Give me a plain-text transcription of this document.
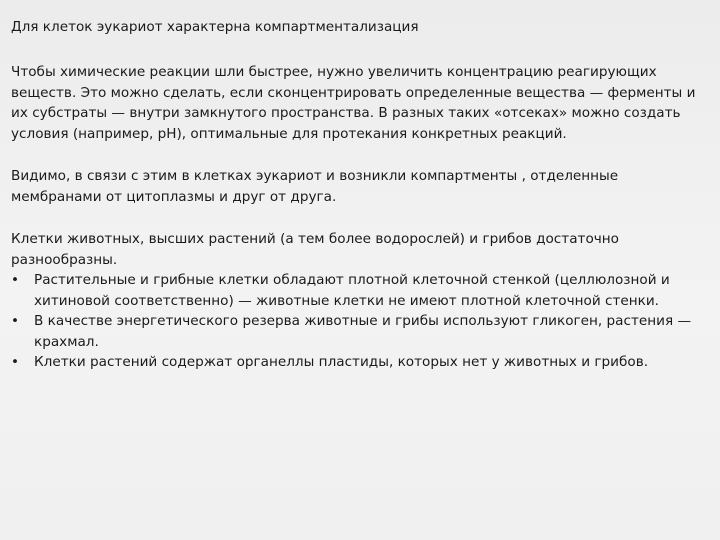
Для клеток эукариот характерна компартментализация

Чтобы химические реакции шли быстрее, нужно увеличить концентрацию реагирующих веществ. Это можно сделать, если сконцентрировать определенные вещества — ферменты и их субстраты — внутри замкнутого пространства. В разных таких «отсеках» можно создать условия (например, pH), оптимальные для протекания конкретных реакций.

Видимо, в связи с этим в клетках эукариот и возникли компартменты , отделенные мембранами от цитоплазмы и друг от друга.

Клетки животных, высших растений (а тем более водорослей) и грибов достаточно разнообразны.

•	Растительные и грибные клетки обладают плотной клеточной стенкой (целлюлозной и хитиновой соответственно) — животные клетки не имеют плотной клеточной стенки.
•	В качестве энергетического резерва животные и грибы используют гликоген, растения — крахмал.
•	Клетки растений содержат органеллы пластиды, которых нет у животных и грибов.
